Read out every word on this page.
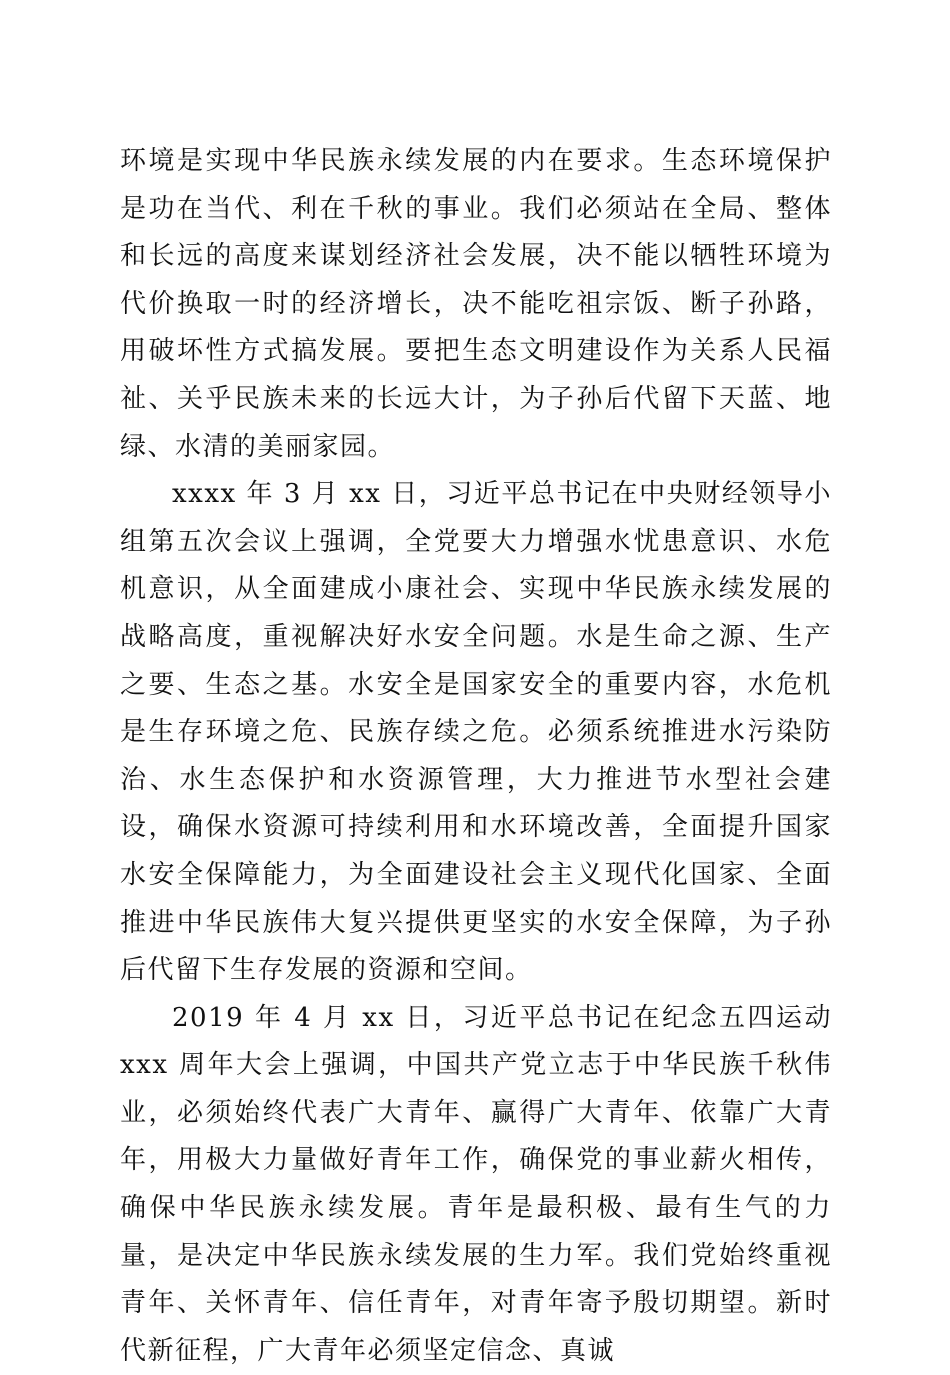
环境是实现中华民族永续发展的内在要求。生态环境保护是功在当代、利在千秋的事业。我们必须站在全局、整体和长远的高度来谋划经济社会发展，决不能以牺牲环境为代价换取一时的经济增长，决不能吃祖宗饭、断子孙路，用破坏性方式搞发展。要把生态文明建设作为关系人民福祉、关乎民族未来的长远大计，为子孙后代留下天蓝、地绿、水清的美丽家园。

xxxx 年 3 月 xx 日，习近平总书记在中央财经领导小组第五次会议上强调，全党要大力增强水忧患意识、水危机意识，从全面建成小康社会、实现中华民族永续发展的战略高度，重视解决好水安全问题。水是生命之源、生产之要、生态之基。水安全是国家安全的重要内容，水危机是生存环境之危、民族存续之危。必须系统推进水污染防治、水生态保护和水资源管理，大力推进节水型社会建设，确保水资源可持续利用和水环境改善，全面提升国家水安全保障能力，为全面建设社会主义现代化国家、全面推进中华民族伟大复兴提供更坚实的水安全保障，为子孙后代留下生存发展的资源和空间。

2019 年 4 月 xx 日，习近平总书记在纪念五四运动 xxx 周年大会上强调，中国共产党立志于中华民族千秋伟业，必须始终代表广大青年、赢得广大青年、依靠广大青年，用极大力量做好青年工作，确保党的事业薪火相传，确保中华民族永续发展。青年是最积极、最有生气的力量，是决定中华民族永续发展的生力军。我们党始终重视青年、关怀青年、信任青年，对青年寄予殷切期望。新时代新征程，广大青年必须坚定信念、真诚
